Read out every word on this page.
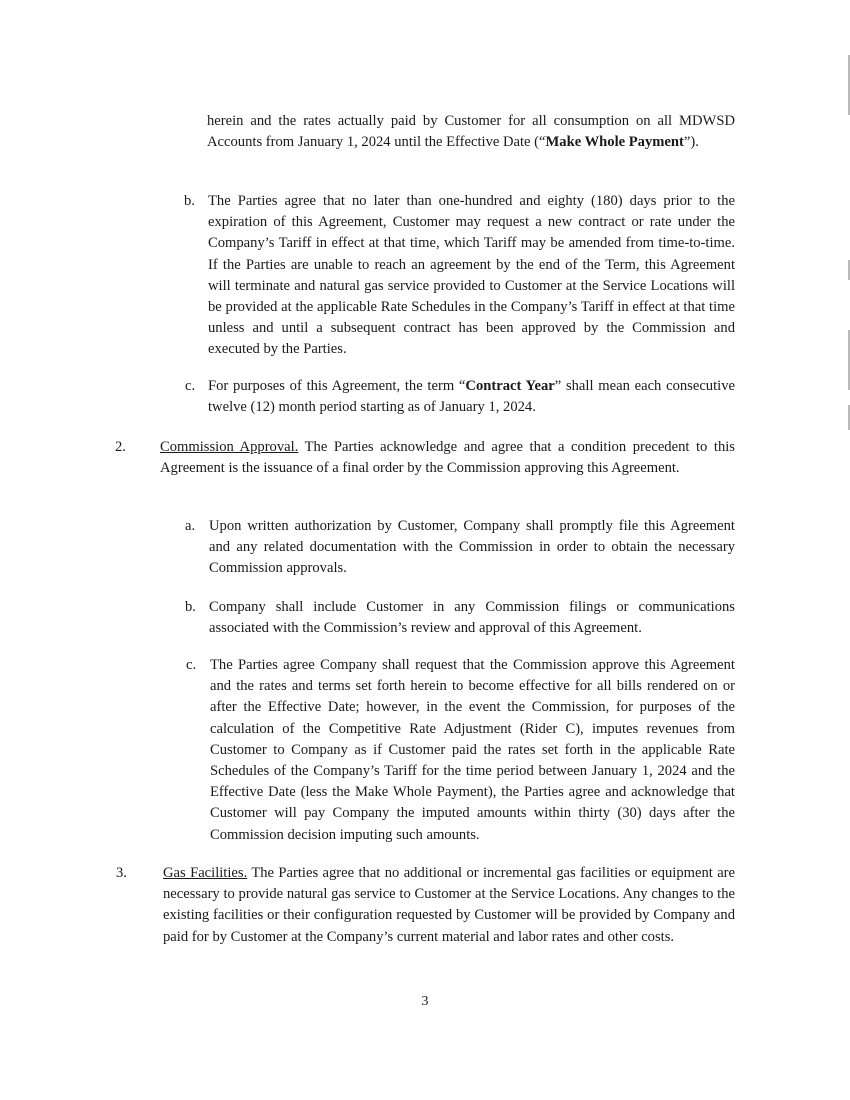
herein and the rates actually paid by Customer for all consumption on all MDWSD Accounts from January 1, 2024 until the Effective Date (“Make Whole Payment”).
b. The Parties agree that no later than one-hundred and eighty (180) days prior to the expiration of this Agreement, Customer may request a new contract or rate under the Company’s Tariff in effect at that time, which Tariff may be amended from time-to-time. If the Parties are unable to reach an agreement by the end of the Term, this Agreement will terminate and natural gas service provided to Customer at the Service Locations will be provided at the applicable Rate Schedules in the Company’s Tariff in effect at that time unless and until a subsequent contract has been approved by the Commission and executed by the Parties.
c. For purposes of this Agreement, the term “Contract Year” shall mean each consecutive twelve (12) month period starting as of January 1, 2024.
2. Commission Approval. The Parties acknowledge and agree that a condition precedent to this Agreement is the issuance of a final order by the Commission approving this Agreement.
a. Upon written authorization by Customer, Company shall promptly file this Agreement and any related documentation with the Commission in order to obtain the necessary Commission approvals.
b. Company shall include Customer in any Commission filings or communications associated with the Commission’s review and approval of this Agreement.
c. The Parties agree Company shall request that the Commission approve this Agreement and the rates and terms set forth herein to become effective for all bills rendered on or after the Effective Date; however, in the event the Commission, for purposes of the calculation of the Competitive Rate Adjustment (Rider C), imputes revenues from Customer to Company as if Customer paid the rates set forth in the applicable Rate Schedules of the Company’s Tariff for the time period between January 1, 2024 and the Effective Date (less the Make Whole Payment), the Parties agree and acknowledge that Customer will pay Company the imputed amounts within thirty (30) days after the Commission decision imputing such amounts.
3. Gas Facilities. The Parties agree that no additional or incremental gas facilities or equipment are necessary to provide natural gas service to Customer at the Service Locations. Any changes to the existing facilities or their configuration requested by Customer will be provided by Company and paid for by Customer at the Company’s current material and labor rates and other costs.
3
